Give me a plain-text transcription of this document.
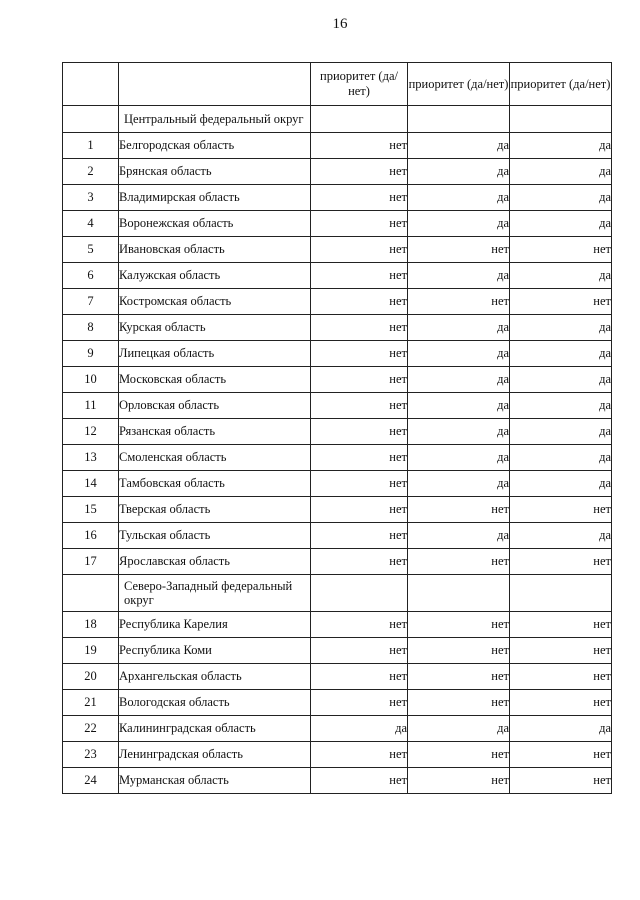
16
		приоритет (да/нет)	приоритет (да/нет)	приоритет (да/нет)
	Центральный федеральный округ			
1	Белгородская область	нет	да	да
2	Брянская область	нет	да	да
3	Владимирская область	нет	да	да
4	Воронежская область	нет	да	да
5	Ивановская область	нет	нет	нет
6	Калужская область	нет	да	да
7	Костромская область	нет	нет	нет
8	Курская область	нет	да	да
9	Липецкая область	нет	да	да
10	Московская область	нет	да	да
11	Орловская область	нет	да	да
12	Рязанская область	нет	да	да
13	Смоленская область	нет	да	да
14	Тамбовская область	нет	да	да
15	Тверская область	нет	нет	нет
16	Тульская область	нет	да	да
17	Ярославская область	нет	нет	нет
	Северо-Западный федеральный округ			
18	Республика Карелия	нет	нет	нет
19	Республика Коми	нет	нет	нет
20	Архангельская область	нет	нет	нет
21	Вологодская область	нет	нет	нет
22	Калининградская область	да	да	да
23	Ленинградская область	нет	нет	нет
24	Мурманская область	нет	нет	нет
